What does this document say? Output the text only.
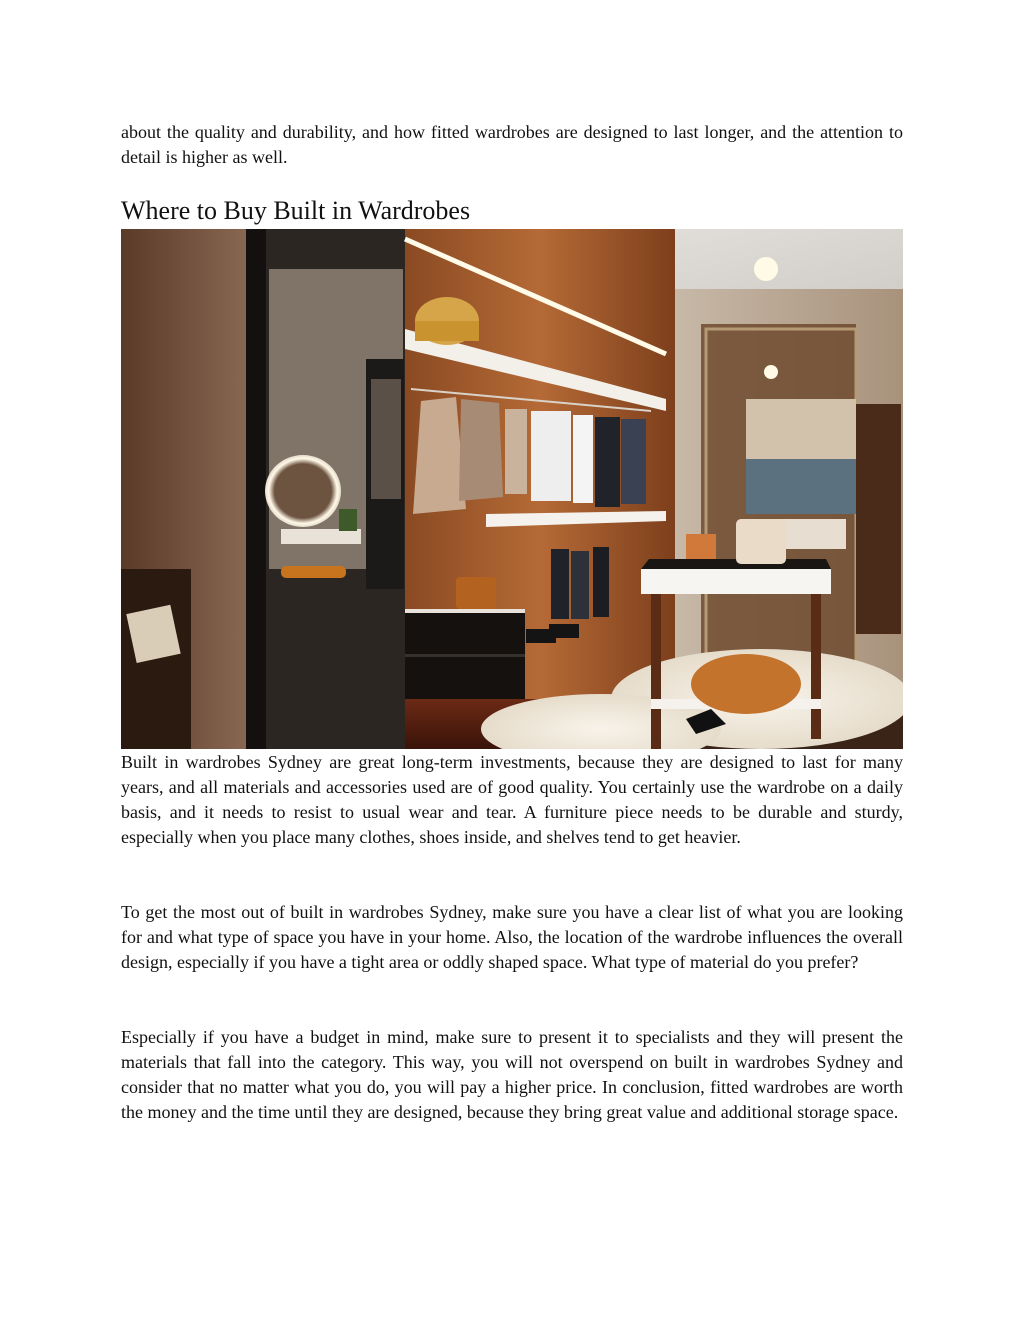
about the quality and durability, and how fitted wardrobes are designed to last longer, and the attention to detail is higher as well.

Where to Buy Built in Wardrobes

Built in wardrobes Sydney are great long-term investments, because they are designed to last for many years, and all materials and accessories used are of good quality. You certainly use the wardrobe on a daily basis, and it needs to resist to usual wear and tear. A furniture piece needs to be durable and sturdy, especially when you place many clothes, shoes inside, and shelves tend to get heavier.

To get the most out of built in wardrobes Sydney, make sure you have a clear list of what you are looking for and what type of space you have in your home. Also, the location of the wardrobe influences the overall design, especially if you have a tight area or oddly shaped space. What type of material do you prefer?

Especially if you have a budget in mind, make sure to present it to specialists and they will present the materials that fall into the category. This way, you will not overspend on built in wardrobes Sydney and consider that no matter what you do, you will pay a higher price. In conclusion, fitted wardrobes are worth the money and the time until they are designed, because they bring great value and additional storage space.
